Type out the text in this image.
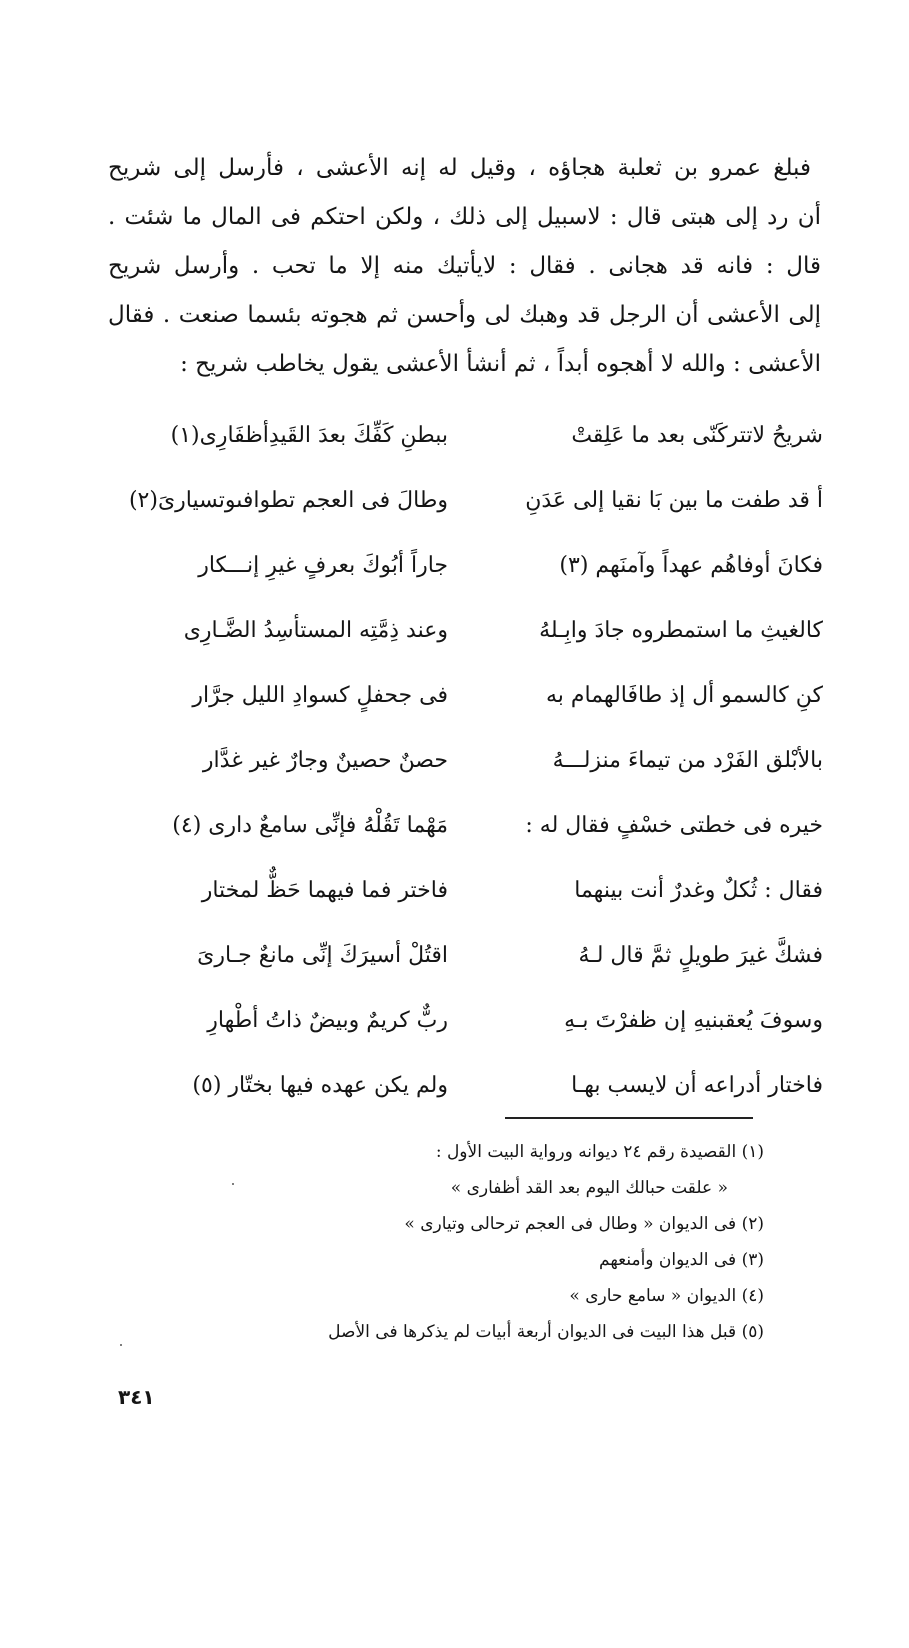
فبلغ عمرو بن ثعلبة هجاؤه ، وقيل له إنه الأعشى ، فأرسل إلى شريح
أن رد إلى هبتى قال : لاسبيل إلى ذلك ، ولكن احتكم فى المال ما شئت .
قال : فانه قد هجانى . فقال : لايأتيك منه إلا ما تحب . وأرسل شريح
إلى الأعشى أن الرجل قد وهبك لى وأحسن ثم هجوته بئسما صنعت . فقال
الأعشى : والله لا أهجوه أبداً ، ثم أنشأ الأعشى يقول يخاطب شريح :
شريحُ لاتتركَنّى بعد ما عَلِقتْ
ببطنِ كَفِّكَ بعدَ القَيدِأظفَارِى(١)
أ قد طفت ما بين بَا نقيا إلى عَدَنِ
وطالَ فى العجم تطوافىوتسيارىَ(٢)
فكانَ أوفاهُم عهداً وآمنَهم (٣)
جاراً أبُوكَ بعرفٍ غيرِ إنـــكار
كالغيثِ ما استمطروه جادَ وابِـلهُ
وعند ذِمَّتِه المستأسِدُ الضَّـارِى
كنِ كالسمو أل إذ طافَالهمام به
فى جحفلٍ كسوادِ الليل جرَّار
بالأبْلق الفَرْد من تيماءَ منزلـــهُ
حصنٌ حصينٌ وجارٌ غير غدَّار
خيره فى خطتى خسْفٍ فقال له :
مَهْما تَقُلْهُ فإنِّى سامعٌ دارى (٤)
فقال : ثُكلٌ وغدرٌ أنت بينهما
فاختر فما فيهما حَظٌّ لمختار
فشكَّ غيرَ طويلٍ ثمَّ قال لـهُ
اقتُلْ أسيرَكَ إنِّى مانعٌ جـارىَ
وسوفَ يُعقبنيهِ إن ظفرْتَ بـهِ
ربٌّ كريمٌ وبيضٌ ذاتُ أطْهارِ
فاختار أدراعه أن لايسب بهـا
ولم يكن عهده فيها بختّار (٥)
(١) القصيدة رقم ٢٤ ديوانه ورواية البيت الأول :
« علقت حبالك اليوم بعد القد أظفارى »
(٢) فى الديوان « وطال فى العجم ترحالى وتيارى »
(٣) فى الديوان وأمنعهم
(٤) الديوان « سامع حارى »
(٥) قبل هذا البيت فى الديوان أربعة أبيات لم يذكرها فى الأصل
٣٤١
